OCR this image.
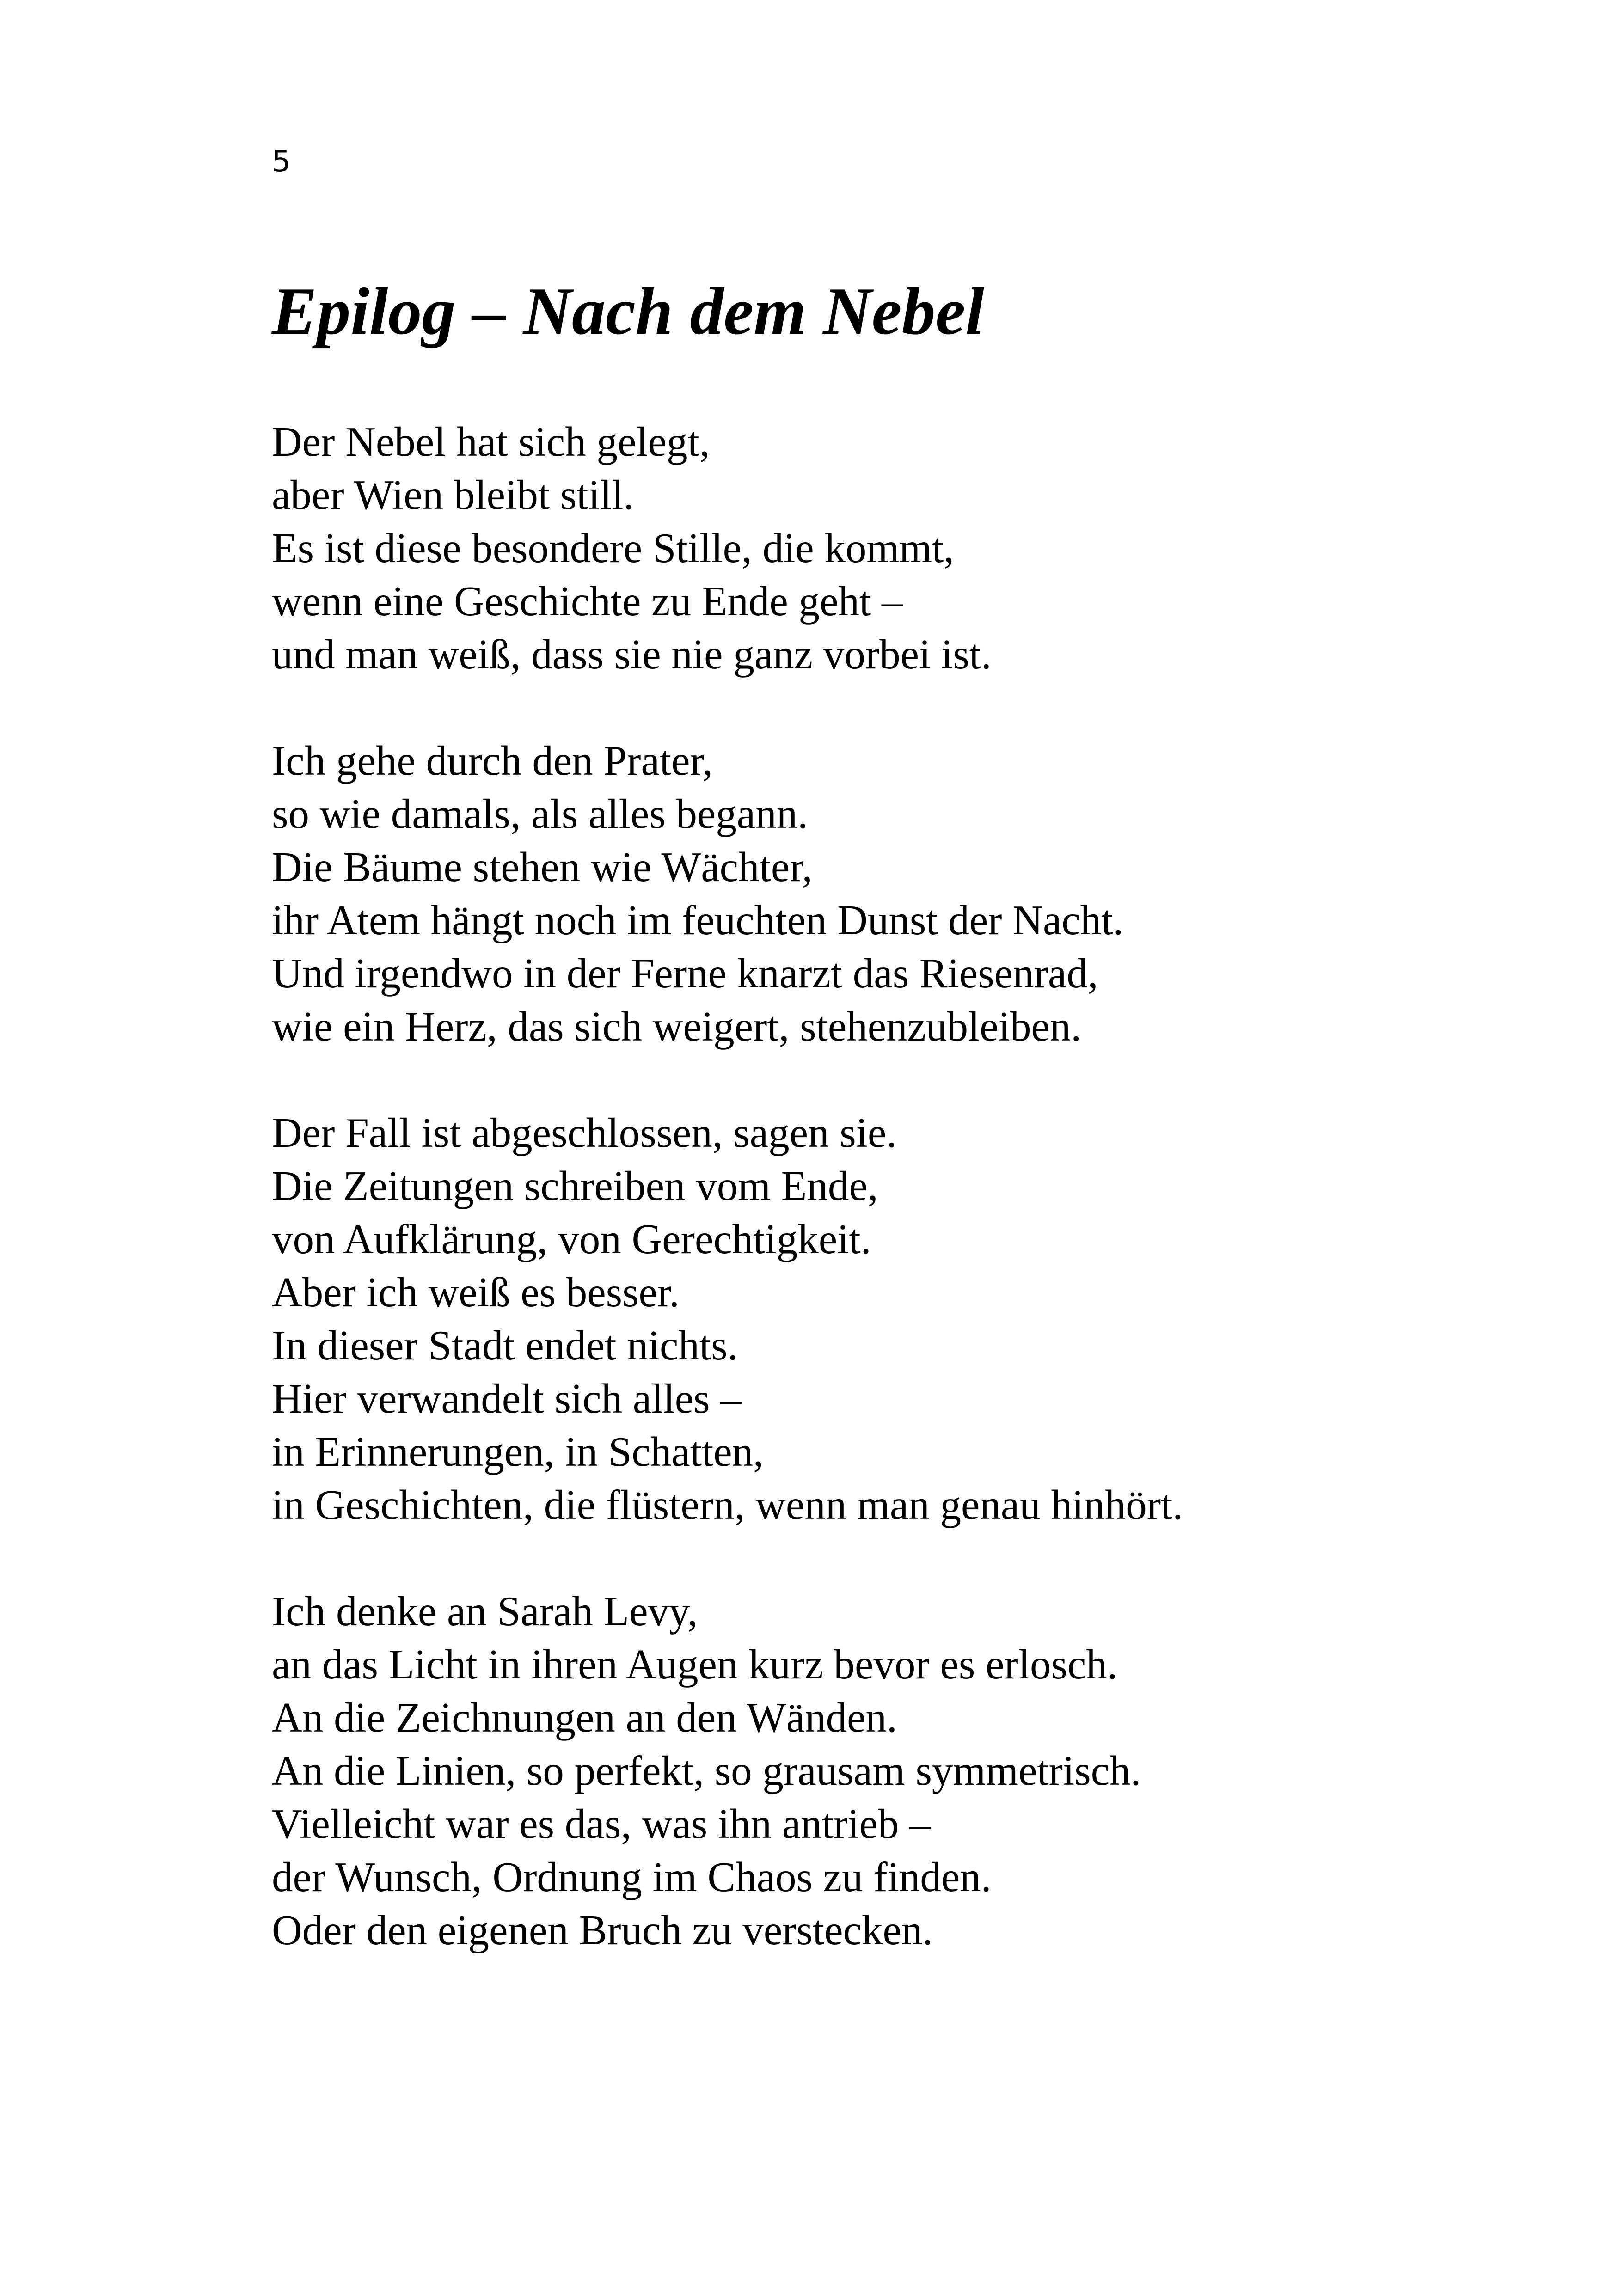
5
Epilog – Nach dem Nebel
Der Nebel hat sich gelegt,
aber Wien bleibt still.
Es ist diese besondere Stille, die kommt,
wenn eine Geschichte zu Ende geht –
und man weiß, dass sie nie ganz vorbei ist.
Ich gehe durch den Prater,
so wie damals, als alles begann.
Die Bäume stehen wie Wächter,
ihr Atem hängt noch im feuchten Dunst der Nacht.
Und irgendwo in der Ferne knarzt das Riesenrad,
wie ein Herz, das sich weigert, stehenzubleiben.
Der Fall ist abgeschlossen, sagen sie.
Die Zeitungen schreiben vom Ende,
von Aufklärung, von Gerechtigkeit.
Aber ich weiß es besser.
In dieser Stadt endet nichts.
Hier verwandelt sich alles –
in Erinnerungen, in Schatten,
in Geschichten, die flüstern, wenn man genau hinhört.
Ich denke an Sarah Levy,
an das Licht in ihren Augen kurz bevor es erlosch.
An die Zeichnungen an den Wänden.
An die Linien, so perfekt, so grausam symmetrisch.
Vielleicht war es das, was ihn antrieb –
der Wunsch, Ordnung im Chaos zu finden.
Oder den eigenen Bruch zu verstecken.
